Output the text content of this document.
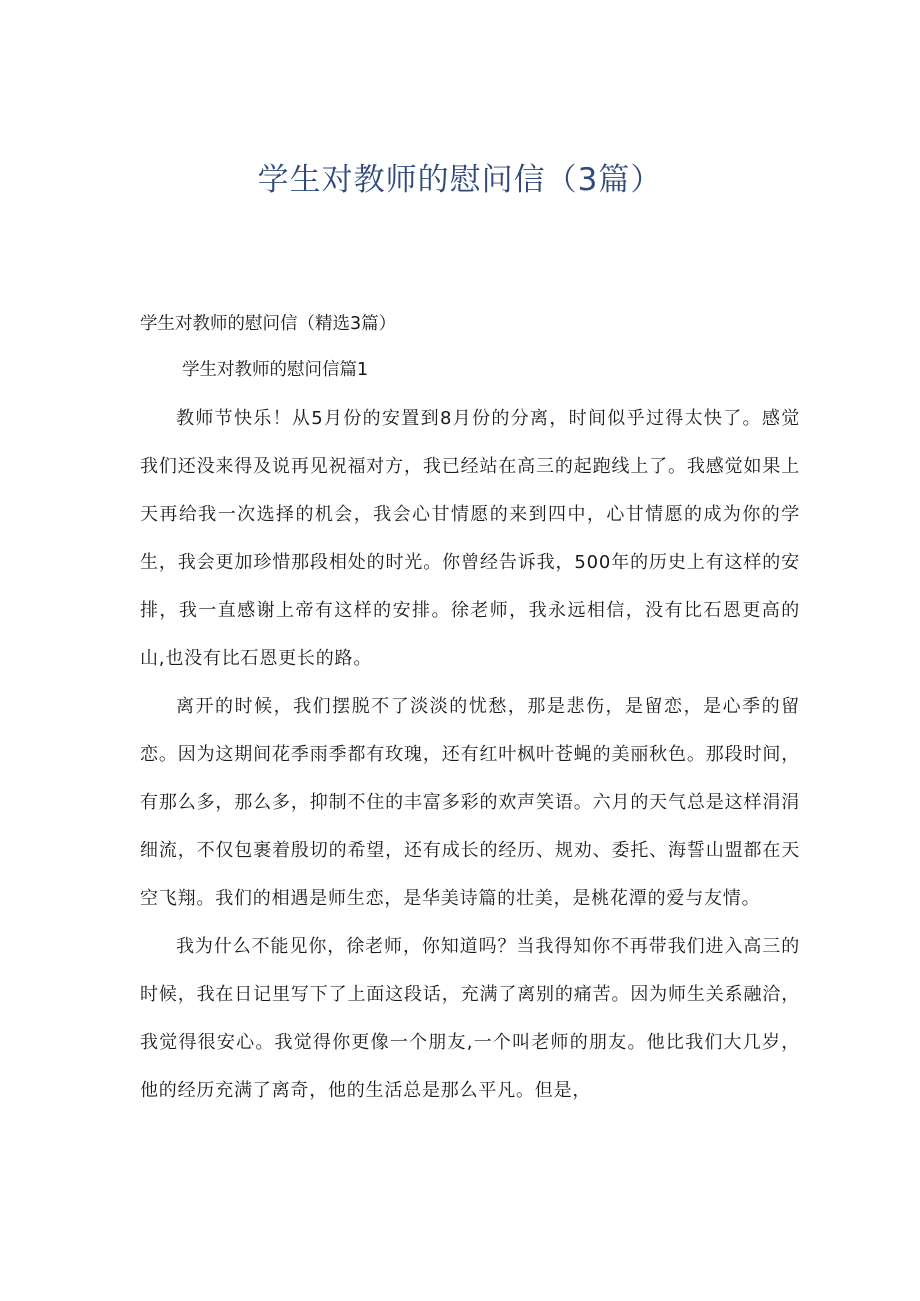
学生对教师的慰问信（3篇）

学生对教师的慰问信（精选3篇）

学生对教师的慰问信篇1

教师节快乐！从5月份的安置到8月份的分离，时间似乎过得太快了。感觉我们还没来得及说再见祝福对方，我已经站在高三的起跑线上了。我感觉如果上天再给我一次选择的机会，我会心甘情愿的来到四中，心甘情愿的成为你的学生，我会更加珍惜那段相处的时光。你曾经告诉我，500年的历史上有这样的安排，我一直感谢上帝有这样的安排。徐老师，我永远相信，没有比石恩更高的山,也没有比石恩更长的路。

离开的时候，我们摆脱不了淡淡的忧愁，那是悲伤，是留恋，是心季的留恋。因为这期间花季雨季都有玫瑰，还有红叶枫叶苍蝇的美丽秋色。那段时间，有那么多，那么多，抑制不住的丰富多彩的欢声笑语。六月的天气总是这样涓涓细流，不仅包裹着殷切的希望，还有成长的经历、规劝、委托、海誓山盟都在天空飞翔。我们的相遇是师生恋，是华美诗篇的壮美，是桃花潭的爱与友情。

我为什么不能见你，徐老师，你知道吗？当我得知你不再带我们进入高三的时候，我在日记里写下了上面这段话，充满了离别的痛苦。因为师生关系融洽，我觉得很安心。我觉得你更像一个朋友,一个叫老师的朋友。他比我们大几岁，他的经历充满了离奇，他的生活总是那么平凡。但是，
